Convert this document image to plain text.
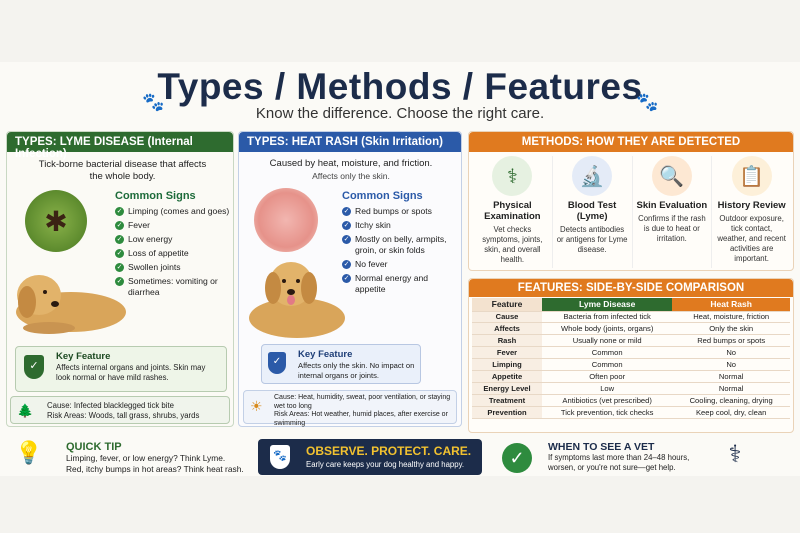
Types / Methods / Features
Know the difference. Choose the right care.
🐾	🐾
TYPES: LYME DISEASE (Internal Infection)
Tick-borne bacterial disease that affects the whole body.
✱
Common Signs
✓ Limping (comes and goes)
✓ Fever
✓ Low energy
✓ Loss of appetite
✓ Swollen joints
✓ Sometimes: vomiting or diarrhea
✓
Key Feature
Affects internal organs and joints. Skin may look normal or have mild rashes.
🌲 Cause: Infected blacklegged tick bite
Risk Areas: Woods, tall grass, shrubs, yards
TYPES: HEAT RASH (Skin Irritation)
Caused by heat, moisture, and friction.
Affects only the skin.
Common Signs
✓ Red bumps or spots
✓ Itchy skin
✓ Mostly on belly, armpits, groin, or skin folds
✓ No fever
✓ Normal energy and appetite
✓
Key Feature
Affects only the skin. No impact on internal organs or joints.
☀
Cause: Heat, humidity, sweat, poor ventilation, or staying wet too long
Risk Areas: Hot weather, humid places, after exercise or swimming
METHODS: HOW THEY ARE DETECTED
⚕
Physical Examination
Vet checks symptoms, joints, skin, and overall health.
🔬
Blood Test (Lyme)
Detects antibodies or antigens for Lyme disease.
🔍
Skin Evaluation
Confirms if the rash is due to heat or irritation.
📋
History Review
Outdoor exposure, tick contact, weather, and recent activities are important.
FEATURES: SIDE-BY-SIDE COMPARISON
Feature	Lyme Disease	Heat Rash
Cause	Bacteria from infected tick	Heat, moisture, friction
Affects	Whole body (joints, organs)	Only the skin
Rash	Usually none or mild	Red bumps or spots
Fever	Common	No
Limping	Common	No
Appetite	Often poor	Normal
Energy Level	Low	Normal
Treatment	Antibiotics (vet prescribed)	Cooling, cleaning, drying
Prevention	Tick prevention, tick checks	Keep cool, dry, clean
💡 QUICK TIP
Limping, fever, or low energy? Think Lyme.
Red, itchy bumps in hot areas? Think heat rash.
🐾 OBSERVE. PROTECT. CARE.
Early care keeps your dog healthy and happy.	✓
WHEN TO SEE A VET
If symptoms last more than 24–48 hours, worsen, or you're not sure—get help.	⚕
